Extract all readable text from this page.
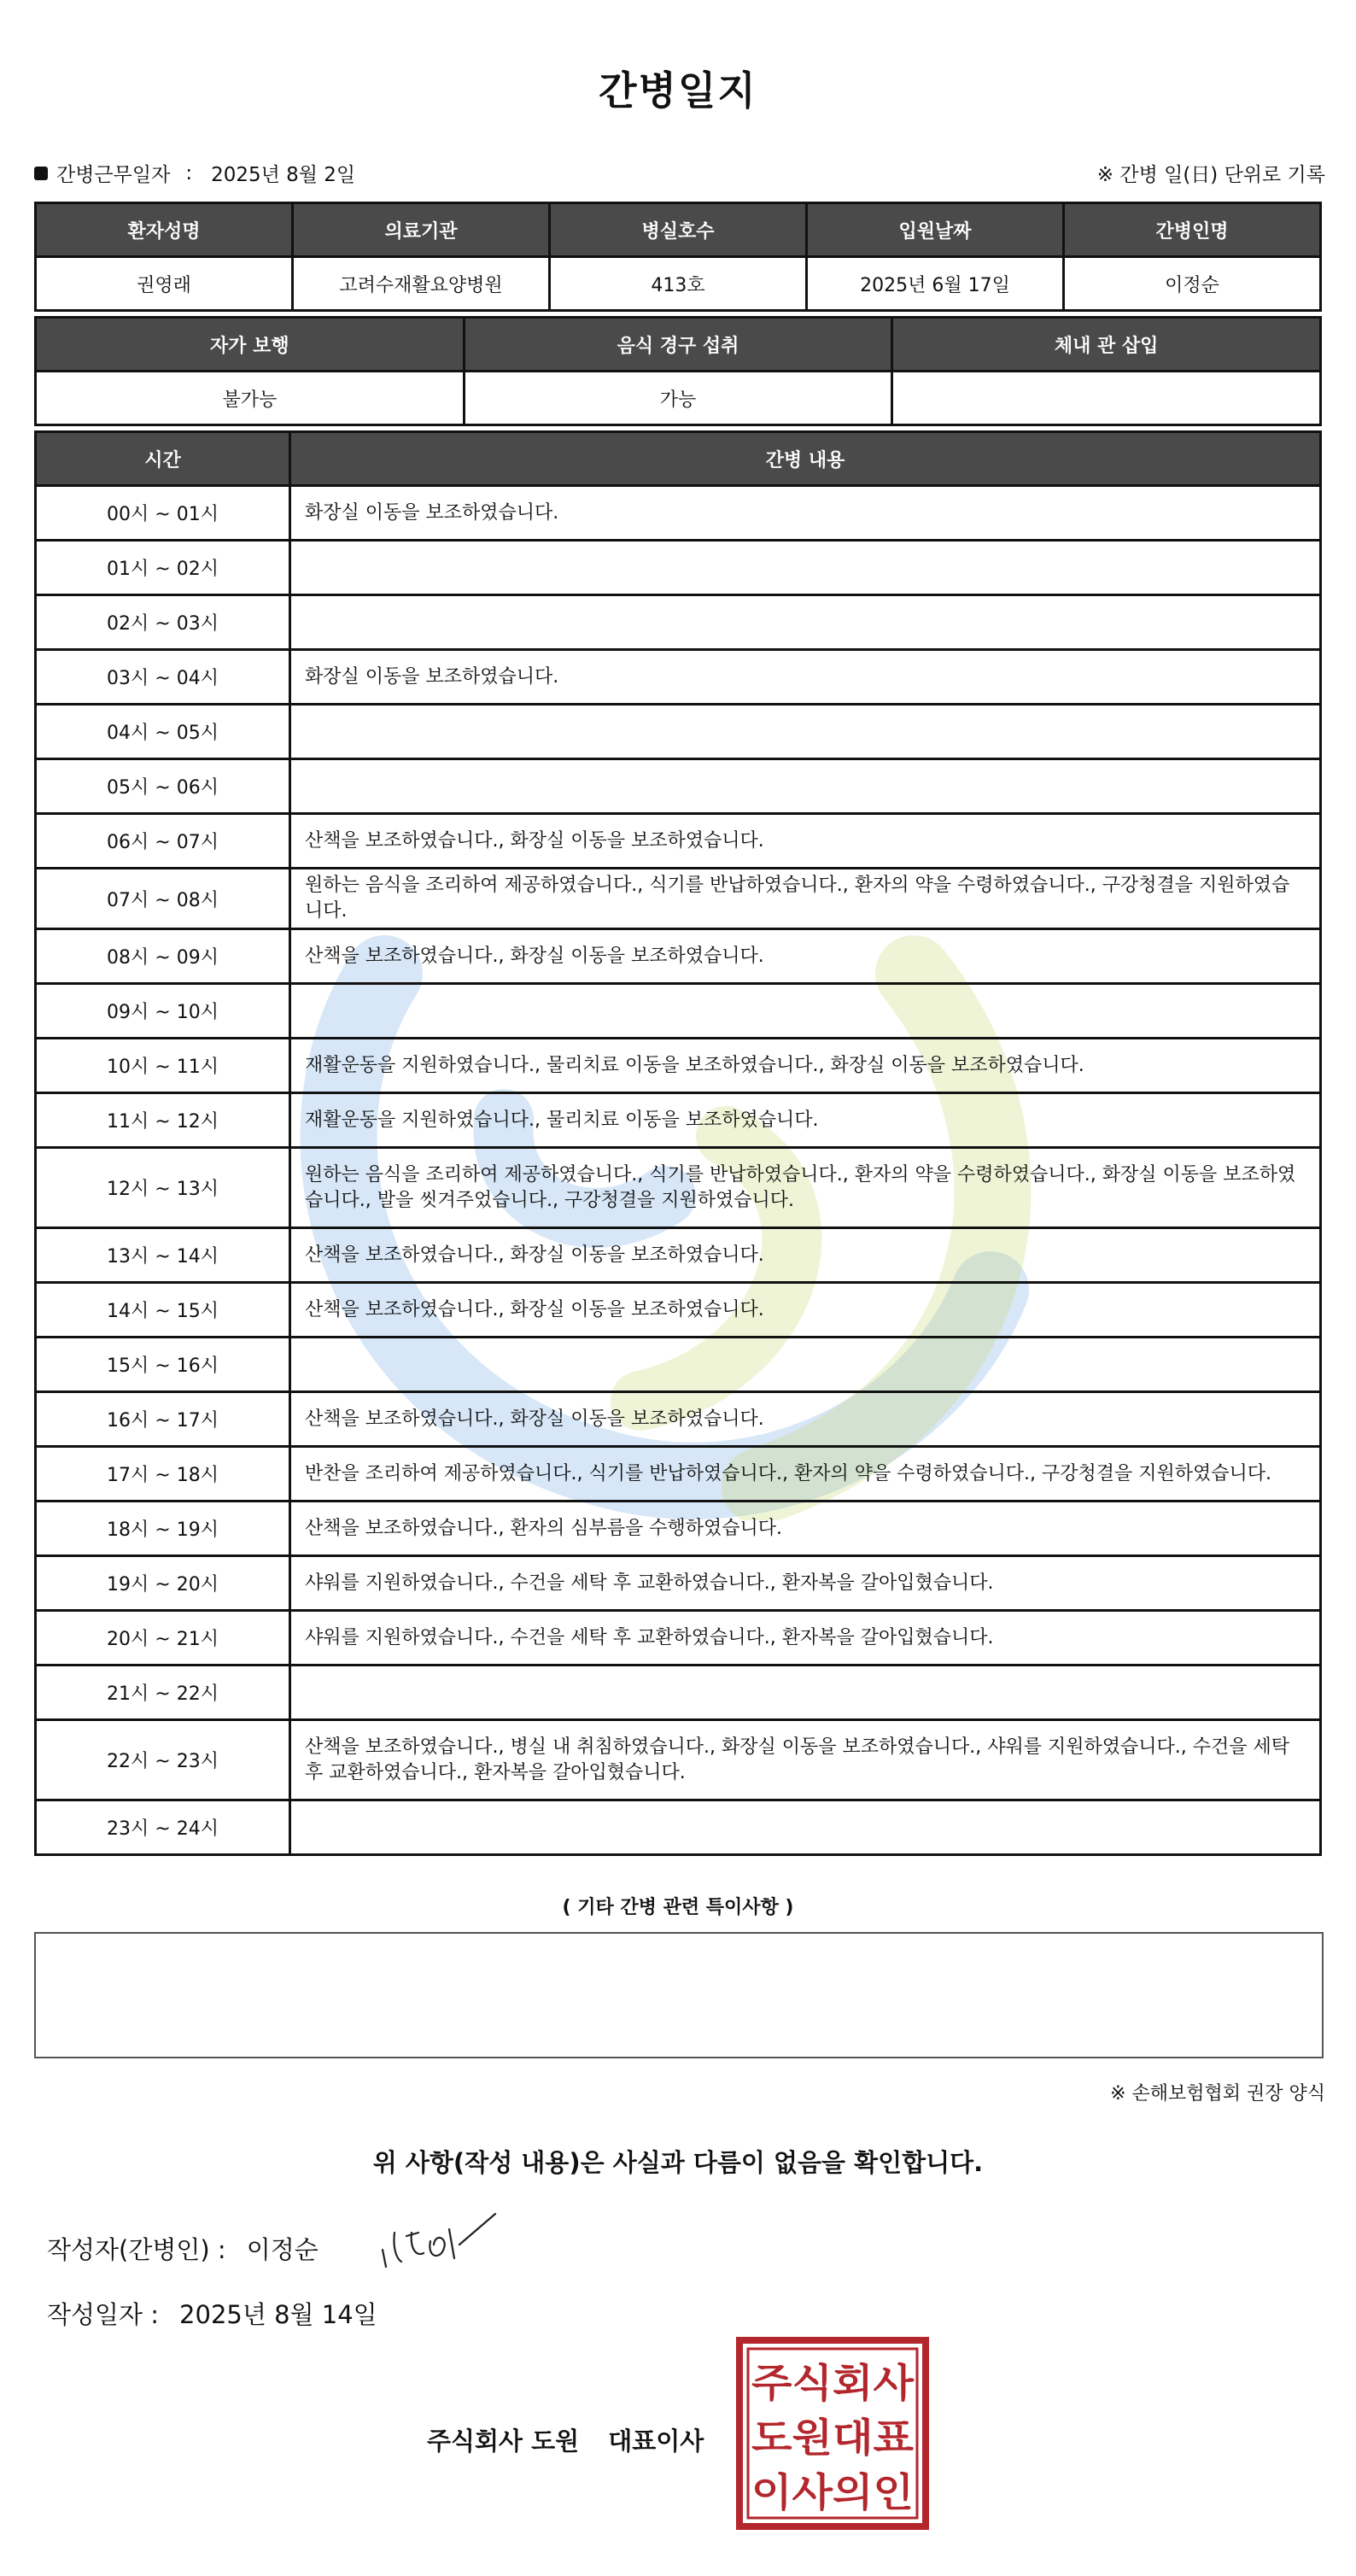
간병일지
간병근무일자 : 2025년 8월 2일	※ 간병 일(日) 단위로 기록
환자성명	의료기관	병실호수	입원날짜	간병인명
권영래	고려수재활요양병원	413호	2025년 6월 17일	이정순
자가 보행	음식 경구 섭취	체내 관 삽입
불가능	가능	
시간	간병 내용
00시 ~ 01시	화장실 이동을 보조하였습니다.
01시 ~ 02시	
02시 ~ 03시	
03시 ~ 04시	화장실 이동을 보조하였습니다.
04시 ~ 05시	
05시 ~ 06시	
06시 ~ 07시	산책을 보조하였습니다., 화장실 이동을 보조하였습니다.
07시 ~ 08시	원하는 음식을 조리하여 제공하였습니다., 식기를 반납하였습니다., 환자의 약을 수령하였습니다., 구강청결을 지원하였습니다.
08시 ~ 09시	산책을 보조하였습니다., 화장실 이동을 보조하였습니다.
09시 ~ 10시	
10시 ~ 11시	재활운동을 지원하였습니다., 물리치료 이동을 보조하였습니다., 화장실 이동을 보조하였습니다.
11시 ~ 12시	재활운동을 지원하였습니다., 물리치료 이동을 보조하였습니다.
12시 ~ 13시	원하는 음식을 조리하여 제공하였습니다., 식기를 반납하였습니다., 환자의 약을 수령하였습니다., 화장실 이동을 보조하였습니다., 발을 씻겨주었습니다., 구강청결을 지원하였습니다.
13시 ~ 14시	산책을 보조하였습니다., 화장실 이동을 보조하였습니다.
14시 ~ 15시	산책을 보조하였습니다., 화장실 이동을 보조하였습니다.
15시 ~ 16시	
16시 ~ 17시	산책을 보조하였습니다., 화장실 이동을 보조하였습니다.
17시 ~ 18시	반찬을 조리하여 제공하였습니다., 식기를 반납하였습니다., 환자의 약을 수령하였습니다., 구강청결을 지원하였습니다.
18시 ~ 19시	산책을 보조하였습니다., 환자의 심부름을 수행하였습니다.
19시 ~ 20시	샤워를 지원하였습니다., 수건을 세탁 후 교환하였습니다., 환자복을 갈아입혔습니다.
20시 ~ 21시	샤워를 지원하였습니다., 수건을 세탁 후 교환하였습니다., 환자복을 갈아입혔습니다.
21시 ~ 22시	
22시 ~ 23시	산책을 보조하였습니다., 병실 내 취침하였습니다., 화장실 이동을 보조하였습니다., 샤워를 지원하였습니다., 수건을 세탁 후 교환하였습니다., 환자복을 갈아입혔습니다.
23시 ~ 24시	
( 기타 간병 관련 특이사항 )
※ 손해보험협회 권장 양식
위 사항(작성 내용)은 사실과 다름이 없음을 확인합니다.
작성자(간병인) : 이정순
작성일자 : 2025년 8월 14일
주식회사 도원 대표이사
주식회사
도원대표
이사의인
